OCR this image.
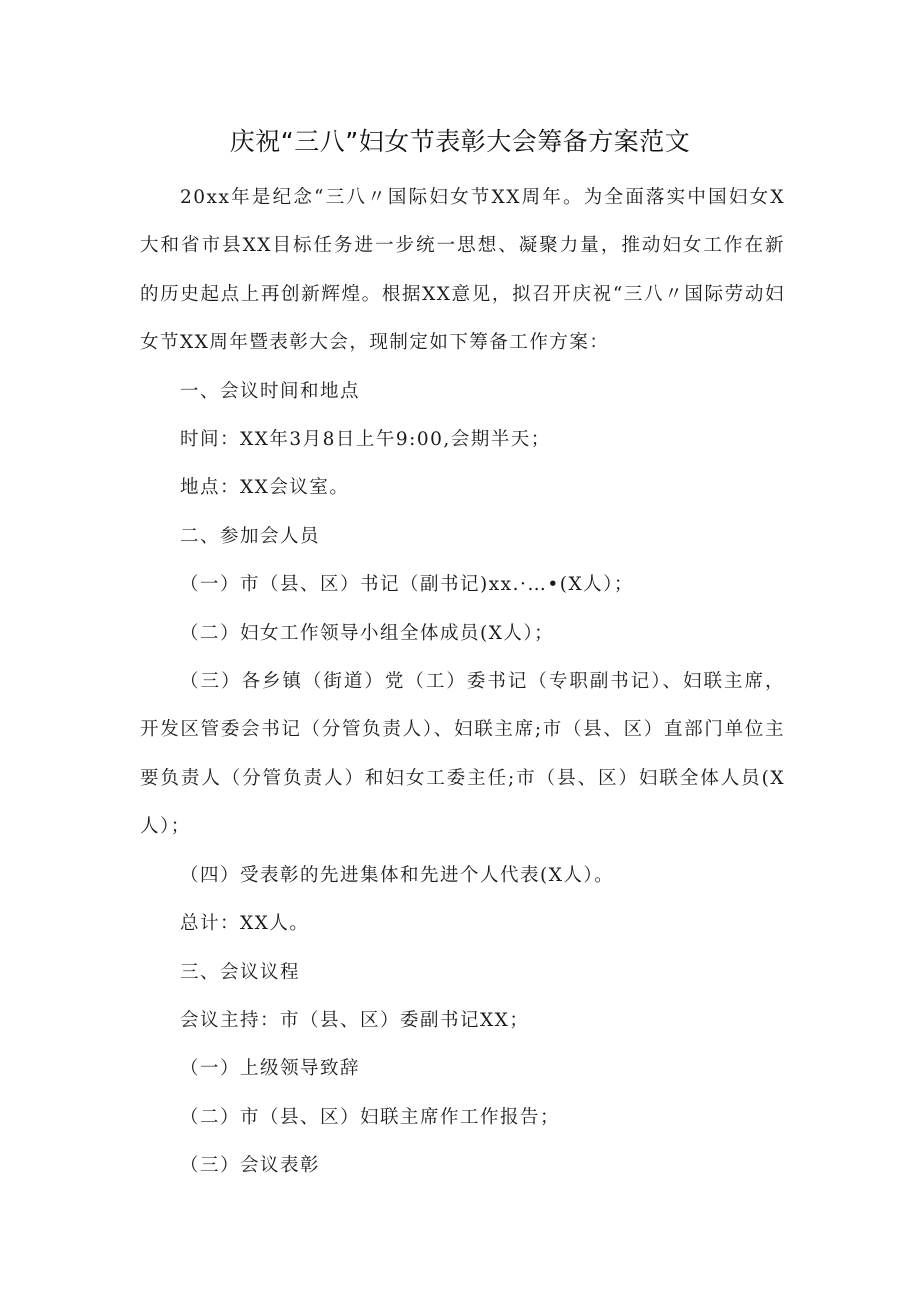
庆祝“三八”妇女节表彰大会筹备方案范文

20xx年是纪念“三八〃国际妇女节XX周年。为全面落实中国妇女X大和省市县XX目标任务进一步统一思想、凝聚力量，推动妇女工作在新的历史起点上再创新辉煌。根据XX意见，拟召开庆祝“三八〃国际劳动妇女节XX周年暨表彰大会，现制定如下筹备工作方案：

一、会议时间和地点

时间：XX年3月8日上午9:00,会期半天；

地点：XX会议室。

二、参加会人员

（一）市（县、区）书记（副书记)xx.·…•(X人）；

（二）妇女工作领导小组全体成员(X人）；

（三）各乡镇（街道）党（工）委书记（专职副书记）、妇联主席，开发区管委会书记（分管负责人）、妇联主席;市（县、区）直部门单位主要负责人（分管负责人）和妇女工委主任;市（县、区）妇联全体人员(X人）；

（四）受表彰的先进集体和先进个人代表(X人）。

总计：XX人。

三、会议议程

会议主持：市（县、区）委副书记XX；

（一）上级领导致辞

（二）市（县、区）妇联主席作工作报告；

（三）会议表彰
